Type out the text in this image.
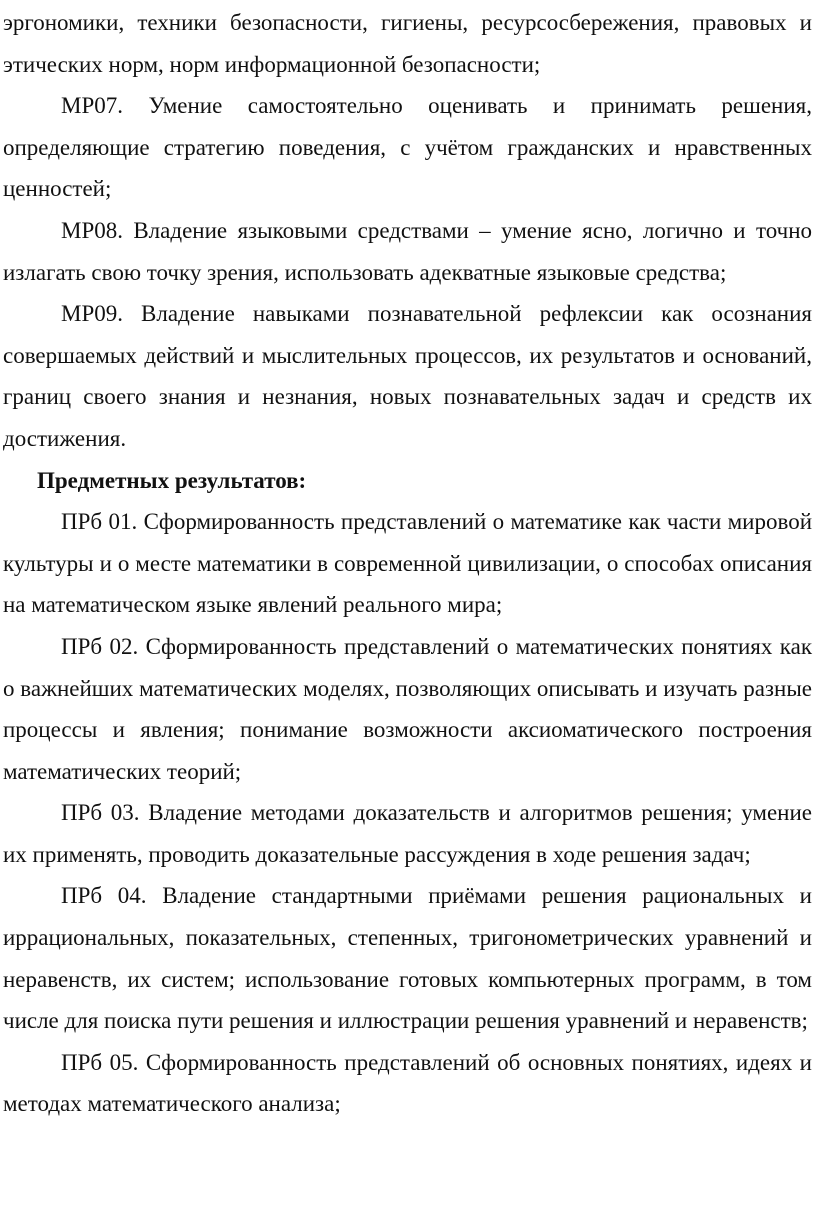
эргономики, техники безопасности, гигиены, ресурсосбережения, правовых и этических норм, норм информационной безопасности;

МР07. Умение самостоятельно оценивать и принимать решения, определяющие стратегию поведения, с учётом гражданских и нравственных ценностей;

МР08. Владение языковыми средствами – умение ясно, логично и точно излагать свою точку зрения, использовать адекватные языковые средства;

МР09. Владение навыками познавательной рефлексии как осознания совершаемых действий и мыслительных процессов, их результатов и оснований, границ своего знания и незнания, новых познавательных задач и средств их достижения.

Предметных результатов:

ПРб 01. Сформированность представлений о математике как части мировой культуры и о месте математики в современной цивилизации, о способах описания на математическом языке явлений реального мира;

ПРб 02. Сформированность представлений о математических понятиях как о важнейших математических моделях, позволяющих описывать и изучать разные процессы и явления; понимание возможности аксиоматического построения математических теорий;

ПРб 03. Владение методами доказательств и алгоритмов решения; умение их применять, проводить доказательные рассуждения в ходе решения задач;

ПРб 04. Владение стандартными приёмами решения рациональных и иррациональных, показательных, степенных, тригонометрических уравнений и неравенств, их систем; использование готовых компьютерных программ, в том числе для поиска пути решения и иллюстрации решения уравнений и неравенств;

ПРб 05. Сформированность представлений об основных понятиях, идеях и методах математического анализа;
